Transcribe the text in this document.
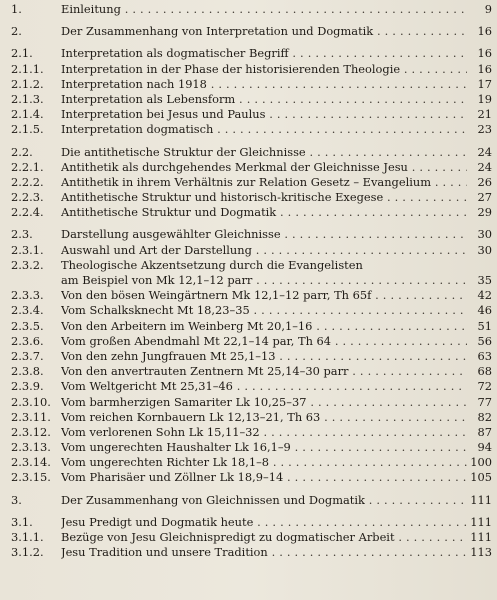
1.	Einleitung . . .	9
2.	Der Zusammenhang von Interpretation und Dogmatik . . .	16
2.1. Interpretation als dogmatischer Begriff . . .	16
2.1.1. Interpretation in der Phase der historisierenden Theologie . . .	16
2.1.2. Interpretation nach 1918 . . .	17
2.1.3. Interpretation als Lebensform . . .	19
2.1.4. Interpretation bei Jesus und Paulus . . .	21
2.1.5. Interpretation dogmatisch . . .	23
2.2. Die antithetische Struktur der Gleichnisse . . .	24
2.2.1. Antithetik als durchgehendes Merkmal der Gleichnisse Jesu . . .	24
2.2.2. Antithetik in ihrem Verhältnis zur Relation Gesetz – Evangelium . . .	26
2.2.3. Antithetische Struktur und historisch-kritische Exegese . . .	27
2.2.4. Antithetische Struktur und Dogmatik . . .	29
2.3. Darstellung ausgewählter Gleichnisse . . .	30
2.3.1. Auswahl und Art der Darstellung . . .	30
2.3.2. Theologische Akzentsetzung durch die Evangelisten
am Beispiel von Mk 12,1–12 parr . . .	35
2.3.3. Von den bösen Weingärtnern Mk 12,1–12 parr, Th 65f . . .	42
2.3.4. Vom Schalksknecht Mt 18,23–35 . . .	46
2.3.5. Von den Arbeitern im Weinberg Mt 20,1–16 . . .	51
2.3.6. Vom großen Abendmahl Mt 22,1–14 par, Th 64 . . .	56
2.3.7. Von den zehn Jungfrauen Mt 25,1–13 . . .	63
2.3.8. Von den anvertrauten Zentnern Mt 25,14–30 parr . . .	68
2.3.9. Vom Weltgericht Mt 25,31–46 . . .	72
2.3.10. Vom barmherzigen Samariter Lk 10,25–37 . . .	77
2.3.11. Vom reichen Kornbauern Lk 12,13–21, Th 63 . . .	82
2.3.12. Vom verlorenen Sohn Lk 15,11–32 . . .	87
2.3.13. Vom ungerechten Haushalter Lk 16,1–9 . . .	94
2.3.14. Vom ungerechten Richter Lk 18,1–8 . . .	100
2.3.15. Vom Pharisäer und Zöllner Lk 18,9–14 . . .	105
3.	Der Zusammenhang von Gleichnissen und Dogmatik . . .	111
3.1. Jesu Predigt und Dogmatik heute . . .	111
3.1.1. Bezüge von Jesu Gleichnispredigt zu dogmatischer Arbeit . . .	111
3.1.2. Jesu Tradition und unsere Tradition . . .	113
